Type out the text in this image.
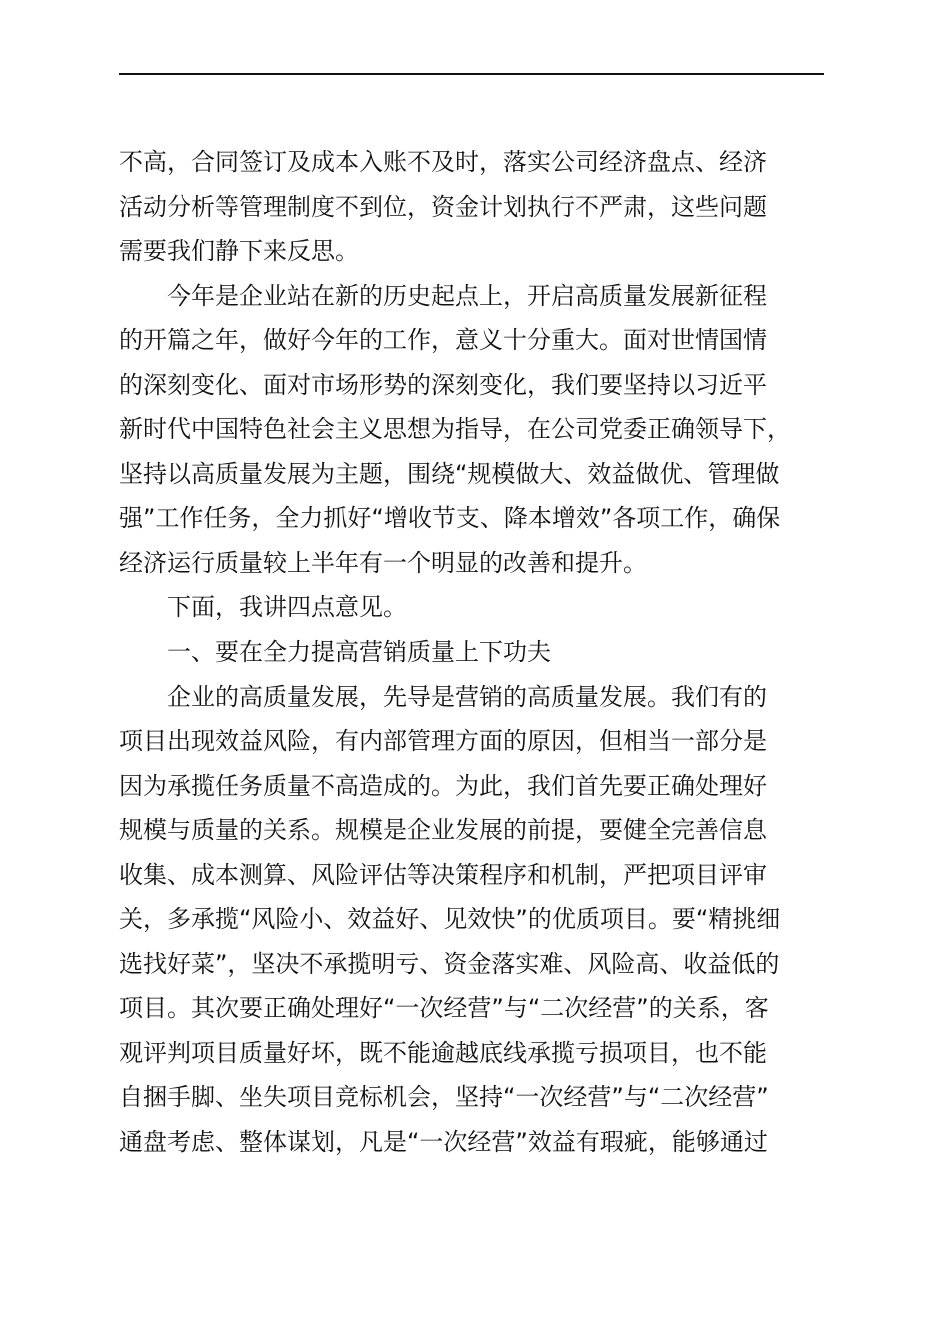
不高，合同签订及成本入账不及时，落实公司经济盘点、经济
活动分析等管理制度不到位，资金计划执行不严肃，这些问题
需要我们静下来反思。
今年是企业站在新的历史起点上，开启高质量发展新征程
的开篇之年，做好今年的工作，意义十分重大。面对世情国情
的深刻变化、面对市场形势的深刻变化，我们要坚持以习近平
新时代中国特色社会主义思想为指导，在公司党委正确领导下，
坚持以高质量发展为主题，围绕“规模做大、效益做优、管理做
强”工作任务，全力抓好“增收节支、降本增效”各项工作，确保
经济运行质量较上半年有一个明显的改善和提升。
下面，我讲四点意见。
一、要在全力提高营销质量上下功夫
企业的高质量发展，先导是营销的高质量发展。我们有的
项目出现效益风险，有内部管理方面的原因，但相当一部分是
因为承揽任务质量不高造成的。为此，我们首先要正确处理好
规模与质量的关系。规模是企业发展的前提，要健全完善信息
收集、成本测算、风险评估等决策程序和机制，严把项目评审
关，多承揽“风险小、效益好、见效快”的优质项目。要“精挑细
选找好菜”，坚决不承揽明亏、资金落实难、风险高、收益低的
项目。其次要正确处理好“一次经营”与“二次经营”的关系，客
观评判项目质量好坏，既不能逾越底线承揽亏损项目，也不能
自捆手脚、坐失项目竞标机会，坚持“一次经营”与“二次经营”
通盘考虑、整体谋划，凡是“一次经营”效益有瑕疵，能够通过
